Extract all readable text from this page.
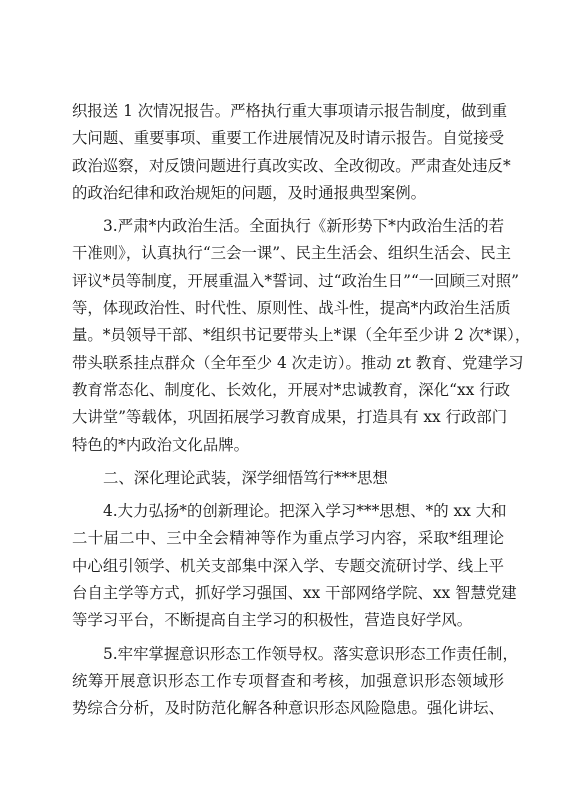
织报送 1 次情况报告。严格执行重大事项请示报告制度，做到重
大问题、重要事项、重要工作进展情况及时请示报告。自觉接受
政治巡察，对反馈问题进行真改实改、全改彻改。严肃查处违反*
的政治纪律和政治规矩的问题，及时通报典型案例。
3.严肃*内政治生活。全面执行《新形势下*内政治生活的若
干准则》，认真执行“三会一课”、民主生活会、组织生活会、民主
评议*员等制度，开展重温入*誓词、过“政治生日”“一回顾三对照”
等，体现政治性、时代性、原则性、战斗性，提高*内政治生活质
量。*员领导干部、*组织书记要带头上*课（全年至少讲 2 次*课），
带头联系挂点群众（全年至少 4 次走访）。推动 zt 教育、党建学习
教育常态化、制度化、长效化，开展对*忠诚教育，深化“xx 行政
大讲堂”等载体，巩固拓展学习教育成果，打造具有 xx 行政部门
特色的*内政治文化品牌。
二、深化理论武装，深学细悟笃行***思想
4.大力弘扬*的创新理论。把深入学习***思想、*的 xx 大和
二十届二中、三中全会精神等作为重点学习内容，采取*组理论
中心组引领学、机关支部集中深入学、专题交流研讨学、线上平
台自主学等方式，抓好学习强国、xx 干部网络学院、xx 智慧党建
等学习平台，不断提高自主学习的积极性，营造良好学风。
5.牢牢掌握意识形态工作领导权。落实意识形态工作责任制，
统筹开展意识形态工作专项督查和考核，加强意识形态领域形
势综合分析，及时防范化解各种意识形态风险隐患。强化讲坛、
